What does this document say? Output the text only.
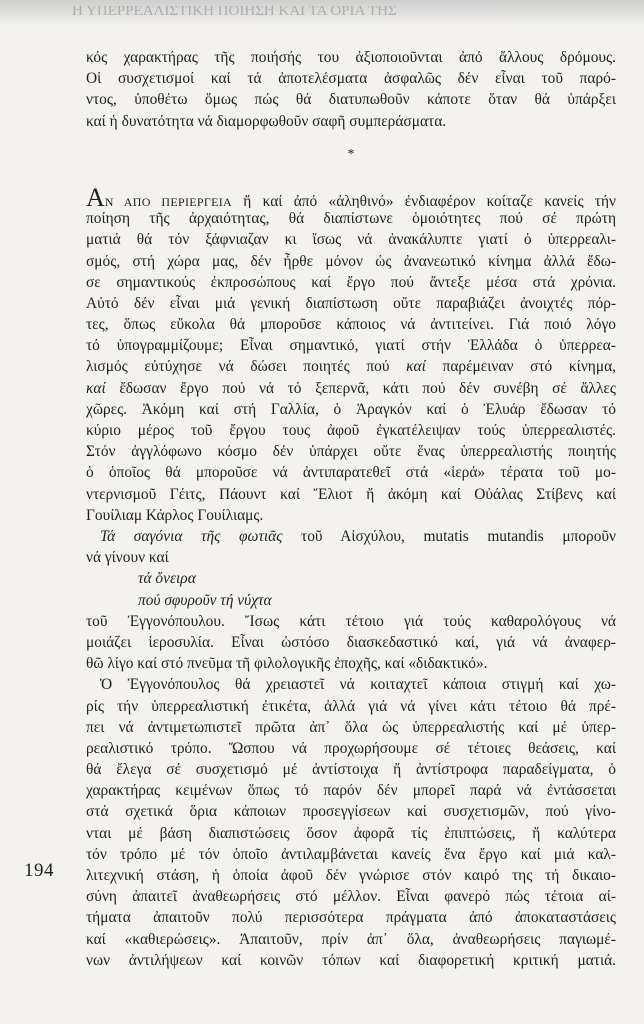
Η ΥΠΕΡΡΕΑΛΙΣΤΙΚΗ ΠΟΙΗΣΗ ΚΑΙ ΤΑ ΟΡΙΑ ΤΗΣ
194
κός χαρακτήρας τῆς ποιήσής του ἀξιοποιοῦνται ἀπό ἄλλους δρόμους.
Οἱ συσχετισμοί καί τά ἀποτελέσματα ἀσφαλῶς δέν εἶναι τοῦ παρό-
ντος, ὑποθέτω ὅμως πώς θά διατυπωθοῦν κάποτε ὅταν θά ὑπάρξει
καί ἡ δυνατότητα νά διαμορφωθοῦν σαφῆ συμπεράσματα.
*
ΑΝ ΑΠΟ ΠΕΡΙΕΡΓΕΙΑ ἤ καί ἀπό «ἀληθινό» ἐνδιαφέρον κοίταζε κανείς τήν
ποίηση τῆς ἀρχαιότητας, θά διαπίστωνε ὁμοιότητες πού σέ πρώτη
ματιά θά τόν ξάφνιαζαν κι ἴσως νά ἀνακάλυπτε γιατί ὁ ὑπερρεαλι-
σμός, στή χώρα μας, δέν ἦρθε μόνον ὡς ἀνανεωτικό κίνημα ἀλλά ἔδω-
σε σημαντικούς ἐκπροσώπους καί ἔργο πού ἄντεξε μέσα στά χρόνια.
Αὐτό δέν εἶναι μιά γενική διαπίστωση οὔτε παραβιάζει ἀνοιχτές πόρ-
τες, ὅπως εὔκολα θά μποροῦσε κάποιος νά ἀντιτείνει. Γιά ποιό λόγο
τό ὑπογραμμίζουμε; Εἶναι σημαντικό, γιατί στήν Ἑλλάδα ὁ ὑπερρεα-
λισμός εὐτύχησε νά δώσει ποιητές πού καί παρέμειναν στό κίνημα,
καί ἔδωσαν ἔργο πού νά τό ξεπερνᾶ, κάτι πού δέν συνέβη σέ ἄλλες
χῶρες. Ἀκόμη καί στή Γαλλία, ὁ Ἀραγκόν καί ὁ Ἐλυάρ ἔδωσαν τό
κύριο μέρος τοῦ ἔργου τους ἀφοῦ ἐγκατέλειψαν τούς ὑπερρεαλιστές.
Στόν ἀγγλόφωνο κόσμο δέν ὑπάρχει οὔτε ἕνας ὑπερρεαλιστής ποιητής
ὁ ὁποῖος θά μποροῦσε νά ἀντιπαρατεθεῖ στά «ἱερά» τέρατα τοῦ μο-
ντερνισμοῦ Γέιτς, Πάουντ καί Ἔλιοτ ἤ ἀκόμη καί Οὐάλας Στίβενς καί
Γουίλιαμ Κάρλος Γουίλιαμς.
Τά σαγόνια τῆς φωτιᾶς τοῦ Αἰσχύλου, mutatis mutandis μποροῦν
νά γίνουν καί
τά ὄνειρα
πού σφυροῦν τή νύχτα
τοῦ Ἐγγονόπουλου. Ἴσως κάτι τέτοιο γιά τούς καθαρολόγους νά
μοιάζει ἱεροσυλία. Εἶναι ὡστόσο διασκεδαστικό καί, γιά νά ἀναφερ-
θῶ λίγο καί στό πνεῦμα τῆ φιλολογικῆς ἐποχῆς, καί «διδακτικό».
Ὁ Ἐγγονόπουλος θά χρειαστεῖ νά κοιταχτεῖ κάποια στιγμή καί χω-
ρίς τήν ὑπερρεαλιστική ἐτικέτα, ἀλλά γιά νά γίνει κάτι τέτοιο θά πρέ-
πει νά ἀντιμετωπιστεῖ πρῶτα ἀπ᾽ ὅλα ὡς ὑπερρεαλιστής καί μέ ὑπερ-
ρεαλιστικό τρόπο. Ὥσπου νά προχωρήσουμε σέ τέτοιες θεάσεις, καί
θά ἔλεγα σέ συσχετισμό μέ ἀντίστοιχα ἤ ἀντίστροφα παραδείγματα, ὁ
χαρακτήρας κειμένων ὅπως τό παρόν δέν μπορεῖ παρά νά ἐντάσσεται
στά σχετικά ὅρια κάποιων προσεγγίσεων καί συσχετισμῶν, πού γίνο-
νται μέ βάση διαπιστώσεις ὅσον ἀφορᾶ τίς ἐπιπτώσεις, ἤ καλύτερα
τόν τρόπο μέ τόν ὁποῖο ἀντιλαμβάνεται κανείς ἕνα ἔργο καί μιά καλ-
λιτεχνική στάση, ἡ ὁποία ἀφοῦ δέν γνώρισε στόν καιρό της τή δικαιο-
σύνη ἀπαιτεῖ ἀναθεωρήσεις στό μέλλον. Εἶναι φανερό πώς τέτοια αἰ-
τήματα ἀπαιτοῦν πολύ περισσότερα πράγματα ἀπό ἀποκαταστάσεις
καί «καθιερώσεις». Ἀπαιτοῦν, πρίν ἀπ᾽ ὅλα, ἀναθεωρήσεις παγιωμέ-
νων ἀντιλήψεων καί κοινῶν τόπων καί διαφορετική κριτική ματιά.
